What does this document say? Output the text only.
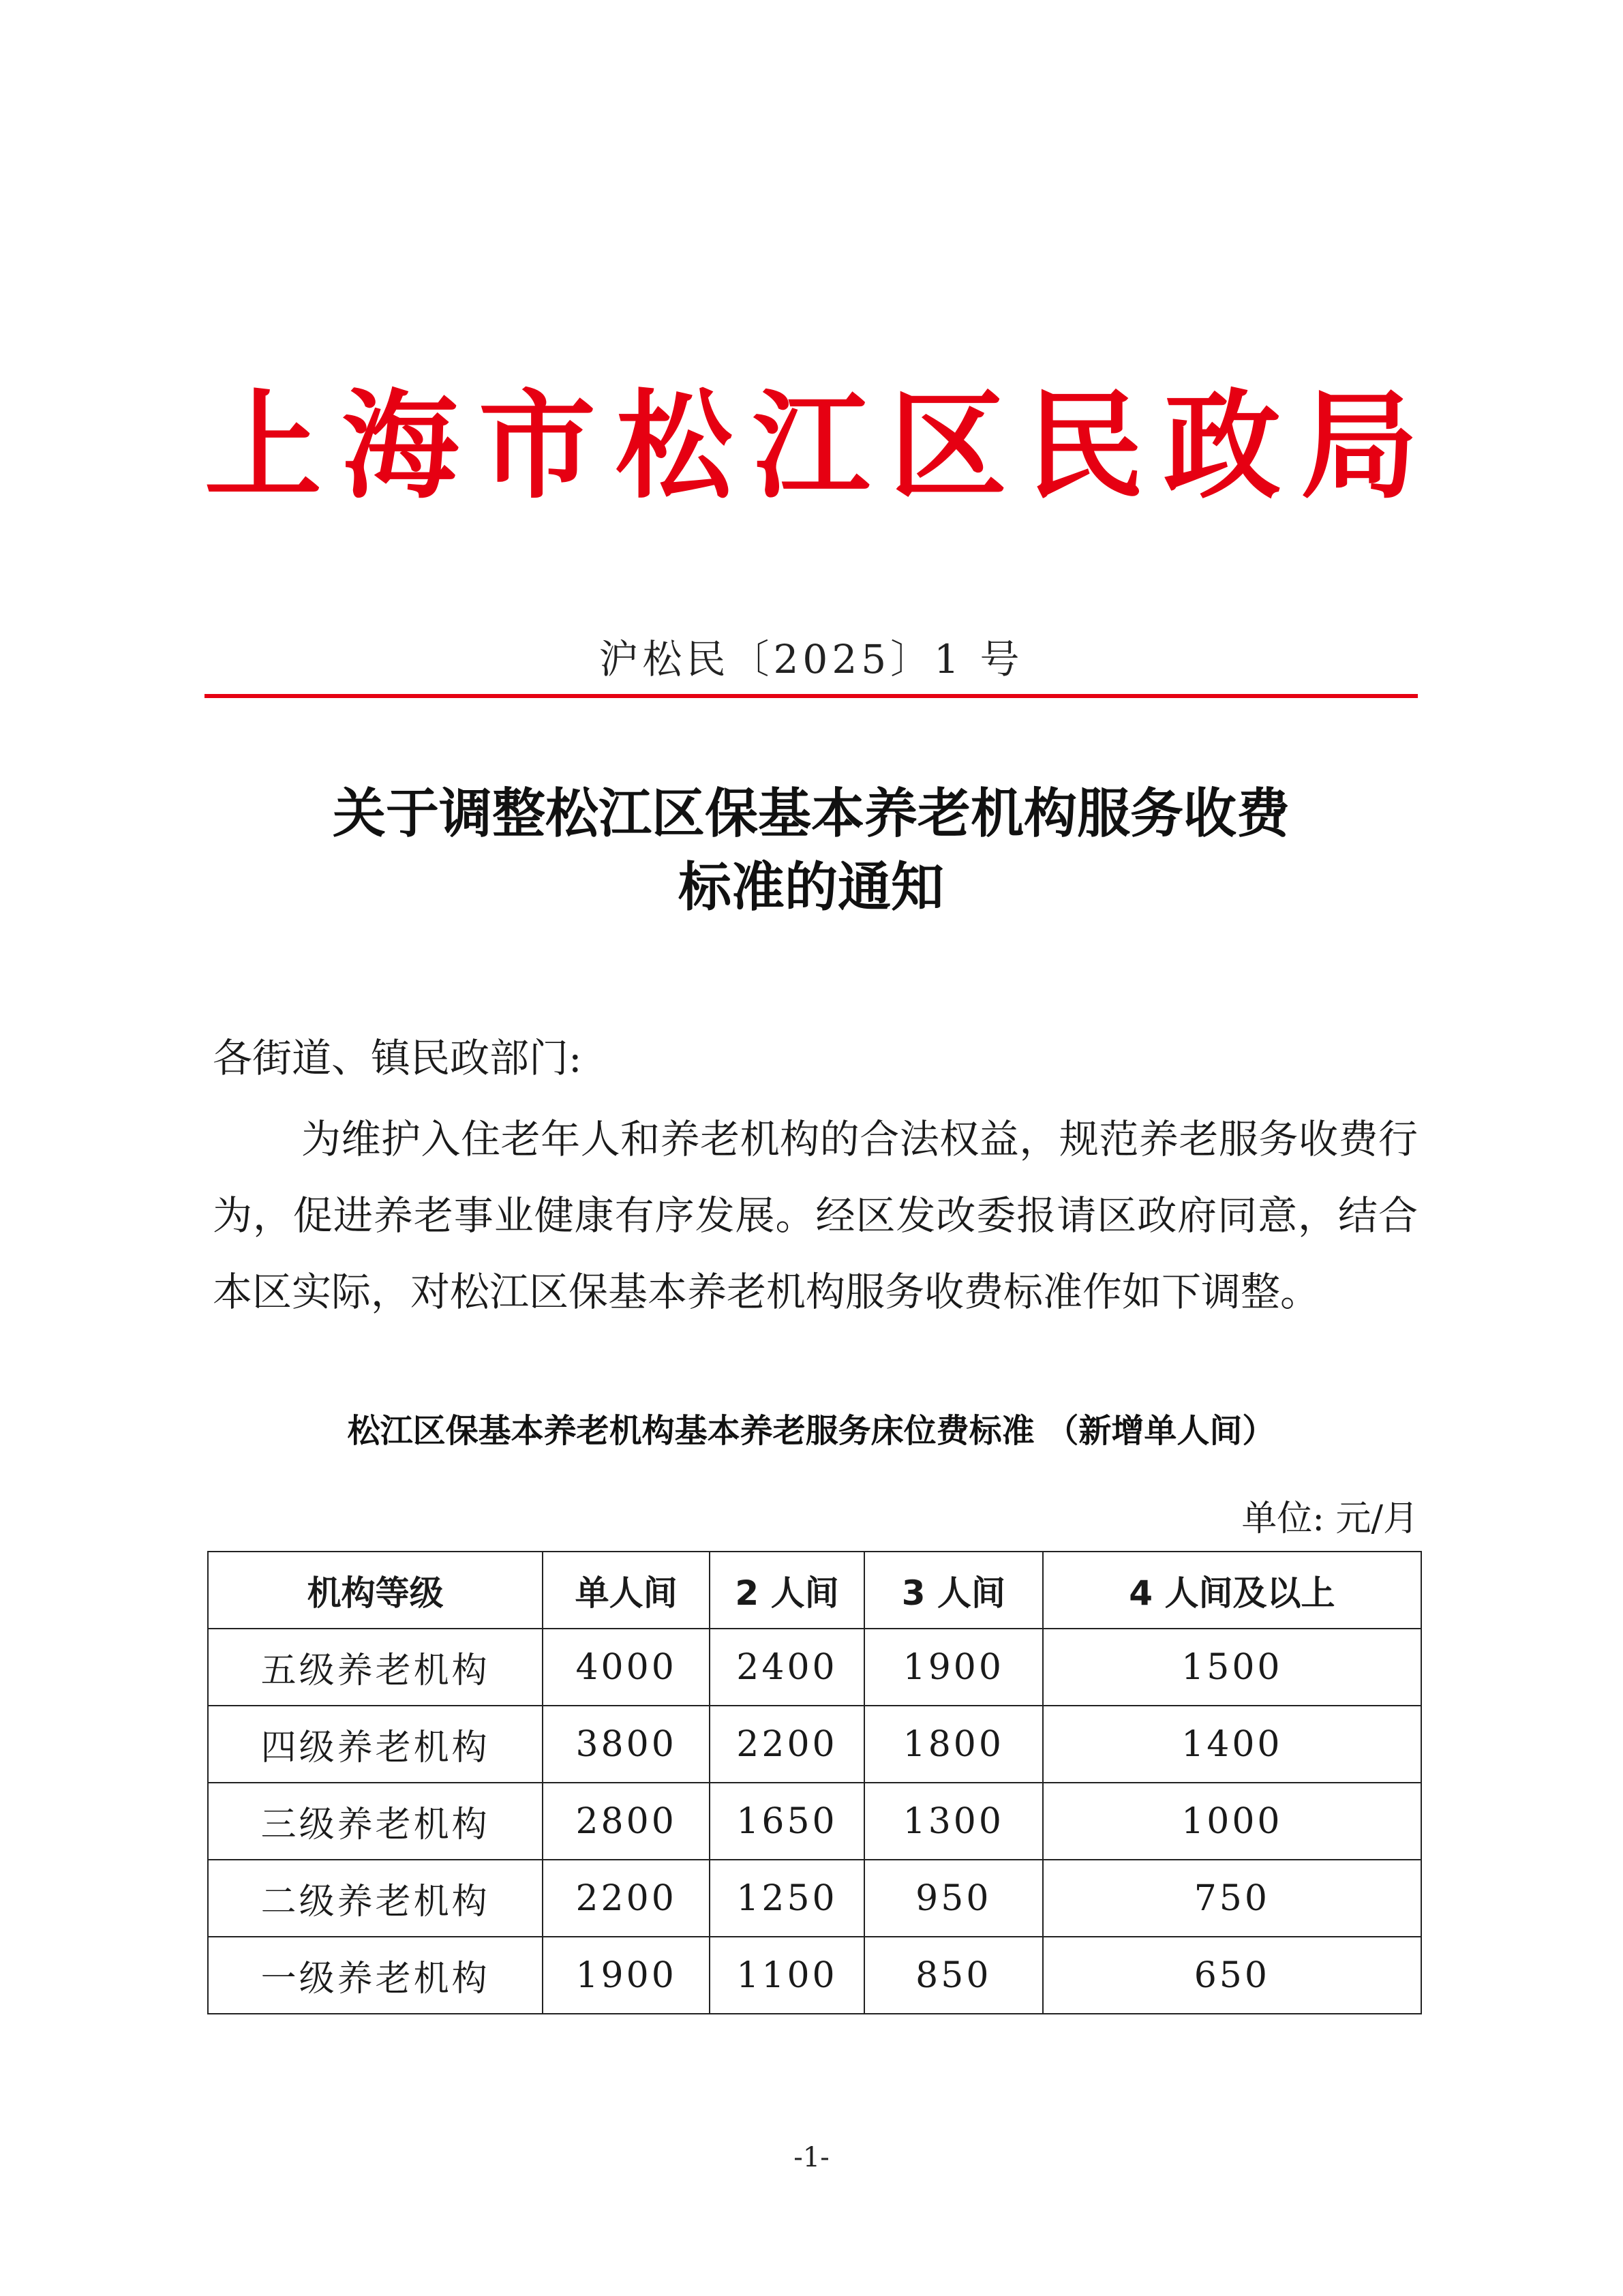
上 海 市 松 江 区 民 政 局
沪松民〔2025〕1 号
关于调整松江区保基本养老机构服务收费
标准的通知
各街道、镇民政部门:
为维护入住老年人和养老机构的合法权益，规范养老服务收费行为，促进养老事业健康有序发展。经区发改委报请区政府同意，结合本区实际，对松江区保基本养老机构服务收费标准作如下调整。
松江区保基本养老机构基本养老服务床位费标准 （新增单人间）
单位: 元/月
机构等级	单人间	2 人间	3 人间	4 人间及以上
五级养老机构	4000	2400	1900	1500
四级养老机构	3800	2200	1800	1400
三级养老机构	2800	1650	1300	1000
二级养老机构	2200	1250	950	750
一级养老机构	1900	1100	850	650
-1-
